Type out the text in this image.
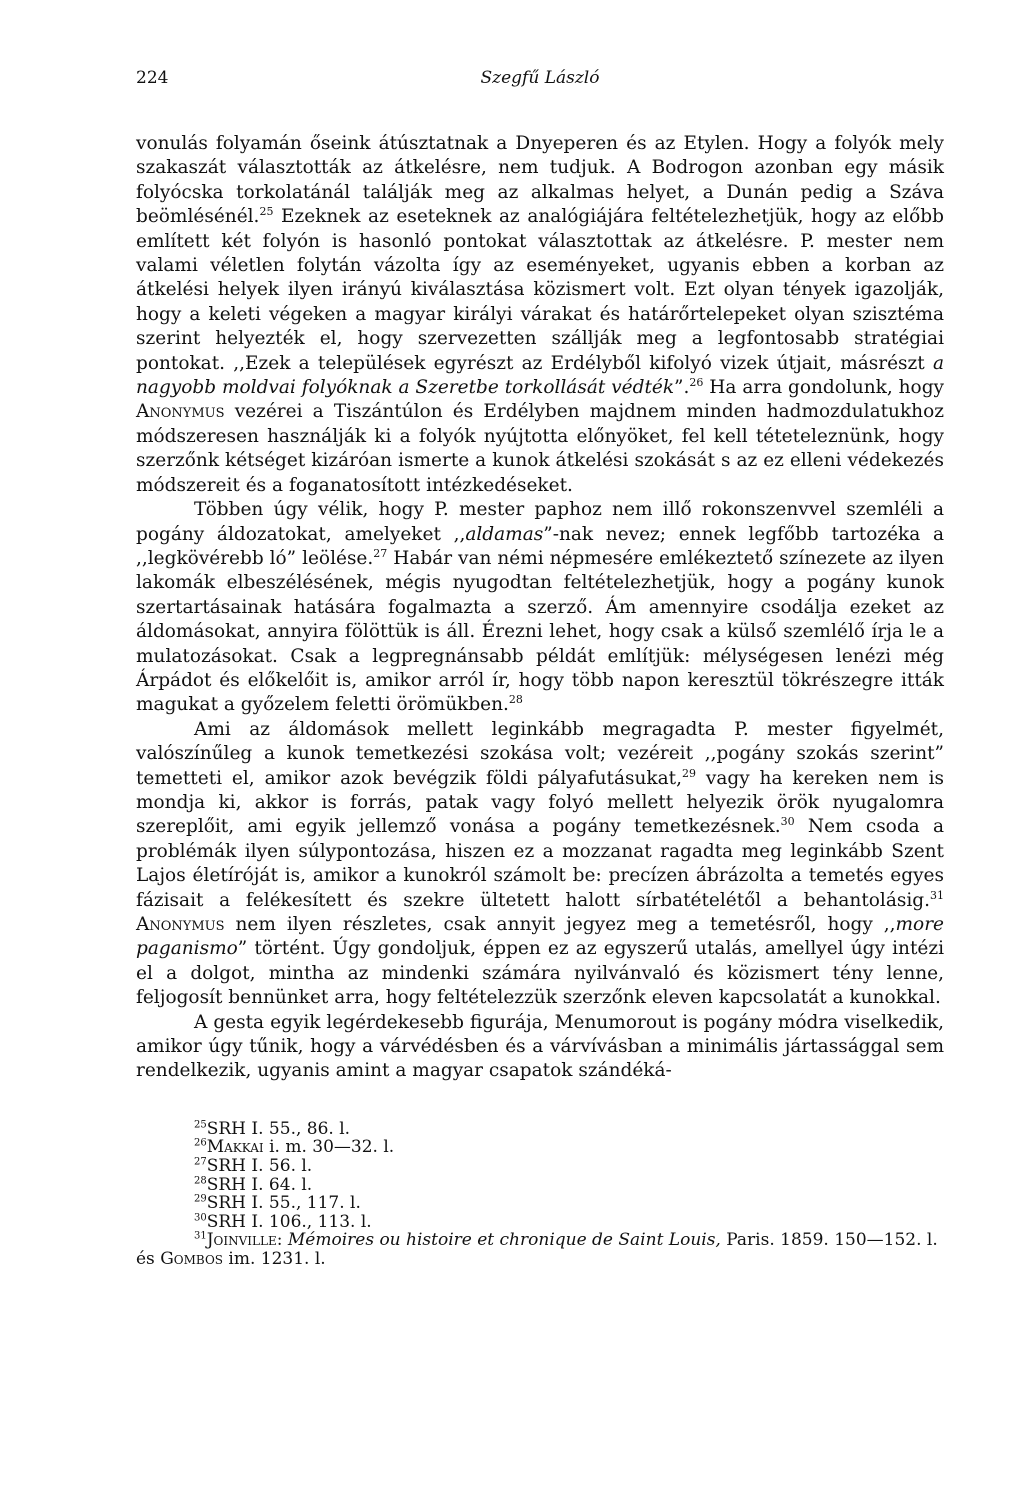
224	Szegfű László

vonulás folyamán őseink átúsztatnak a Dnyeperen és az Etylen. Hogy a folyók mely szakaszát választották az átkelésre, nem tudjuk. A Bodrogon azonban egy másik folyócska torkolatánál találják meg az alkalmas helyet, a Dunán pedig a Száva beömlésénél.$^{25}$ Ezeknek az eseteknek az analógiájára feltételezhetjük, hogy az előbb említett két folyón is hasonló pontokat választottak az átkelésre. P. mester nem valami véletlen folytán vázolta így az eseményeket, ugyanis ebben a korban az átkelési helyek ilyen irányú kiválasztása közismert volt. Ezt olyan tények igazolják, hogy a keleti végeken a magyar királyi várakat és határőrtelepeket olyan szisztéma szerint helyezték el, hogy szervezetten szállják meg a legfontosabb stratégiai pontokat. ,,Ezek a települések egyrészt az Erdélyből kifolyó vizek útjait, másrészt a nagyobb moldvai folyóknak a Szeretbe torkollását védték”.$^{26}$ Ha arra gondolunk, hogy Anonymus vezérei a Tiszántúlon és Erdélyben majdnem minden hadmozdulatukhoz módszeresen használják ki a folyók nyújtotta előnyöket, fel kell téteteleznünk, hogy szerzőnk kétséget kizáróan ismerte a kunok átkelési szokását s az ez elleni védekezés módszereit és a foganatosított intézkedéseket.

Többen úgy vélik, hogy P. mester paphoz nem illő rokonszenvvel szemléli a pogány áldozatokat, amelyeket ,,aldamas”-nak nevez; ennek legfőbb tartozéka a ,,legkövérebb ló” leölése.$^{27}$ Habár van némi népmesére emlékeztető színezete az ilyen lakomák elbeszélésének, mégis nyugodtan feltételezhetjük, hogy a pogány kunok szertartásainak hatására fogalmazta a szerző. Ám amennyire csodálja ezeket az áldomásokat, annyira fölöttük is áll. Érezni lehet, hogy csak a külső szemlélő írja le a mulatozásokat. Csak a legpregnánsabb példát említjük: mélységesen lenézi még Árpádot és előkelőit is, amikor arról ír, hogy több napon keresztül tökrészegre itták magukat a győzelem feletti örömükben.$^{28}$

Ami az áldomások mellett leginkább megragadta P. mester figyelmét, valószínűleg a kunok temetkezési szokása volt; vezéreit ,,pogány szokás szerint” temetteti el, amikor azok bevégzik földi pályafutásukat,$^{29}$ vagy ha kereken nem is mondja ki, akkor is forrás, patak vagy folyó mellett helyezik örök nyugalomra szereplőit, ami egyik jellemző vonása a pogány temetkezésnek.$^{30}$ Nem csoda a problémák ilyen súlypontozása, hiszen ez a mozzanat ragadta meg leginkább Szent Lajos életíróját is, amikor a kunokról számolt be: precízen ábrázolta a temetés egyes fázisait a felékesített és szekre ültetett halott sírbatételétől a behantolásig.$^{31}$ Anonymus nem ilyen részletes, csak annyit jegyez meg a temetésről, hogy ,,more paganismo” történt. Úgy gondoljuk, éppen ez az egyszerű utalás, amellyel úgy intézi el a dolgot, mintha az mindenki számára nyilvánvaló és közismert tény lenne, feljogosít bennünket arra, hogy feltételezzük szerzőnk eleven kapcsolatát a kunokkal.

A gesta egyik legérdekesebb figurája, Menumorout is pogány módra viselkedik, amikor úgy tűnik, hogy a várvédésben és a várvívásban a minimális jártassággal sem rendelkezik, ugyanis amint a magyar csapatok szándéká-

$^{25}$SRH I. 55., 86. l.

$^{26}$Makkai i. m. 30—32. l.

$^{27}$SRH I. 56. l.

$^{28}$SRH I. 64. l.

$^{29}$SRH I. 55., 117. l.

$^{30}$SRH I. 106., 113. l.

$^{31}$Joinville: Mémoires ou histoire et chronique de Saint Louis, Paris. 1859. 150—152. l. és Gombos im. 1231. l.
